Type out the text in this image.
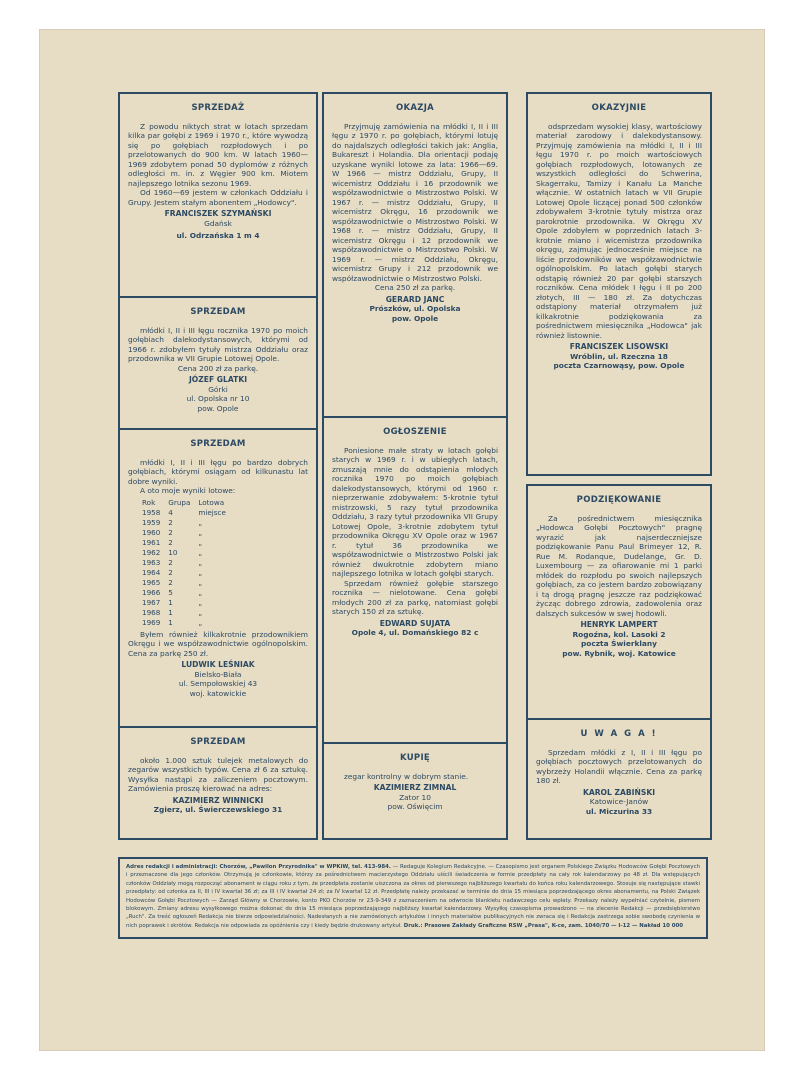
SPRZEDAŻ
Z powodu niktych strat w lotach sprzedam kilka par gołębi z 1969 i 1970 r., które wywodzą się po gołębiach rozpłodowych i po przelotowanych do 900 km. W latach 1960—1969 zdobytem ponad 50 dyplomów z różnych odległości m. in. z Węgier 900 km. Miotem najlepszego lotnika sezonu 1969.
Od 1960—69 jestem w członkach Oddziału i Grupy. Jestem stałym abonentem „Hodowcy".
FRANCISZEK SZYMAŃSKI
Gdańsk
ul. Odrzańska 1 m 4
SPRZEDAM
młódki I, II i III łęgu rocznika 1970 po moich gołębiach dalekodystansowych, którymi od 1966 r. zdobyłem tytuły mistrza Oddziału oraz przodownika w VII Grupie Lotowej Opole.
Cena 200 zł za parkę.
JÓZEF GLATKI
Górki
ul. Opolska nr 10
pow. Opole
SPRZEDAM
młódki I, II i III łęgu po bardzo dobrych gołębiach, którymi osiągam od kilkunastu lat dobre wyniki.
A oto moje wyniki lotowe:
Rok	Grupa	Lotowa
1958	4	miejsce
1959	2	„
1960	2	„
1961	2	„
1962	10	„
1963	2	„
1964	2	„
1965	2	„
1966	5	„
1967	1	„
1968	1	„
1969	1	„
Byłem również kilkakrotnie przodownikiem Okręgu i we współzawodnictwie ogólnopolskim. Cena za parkę 250 zł.
LUDWIK LEŚNIAK
Bielsko-Biała
ul. Sempołowskiej 43
woj. katowickie
SPRZEDAM
około 1.000 sztuk tulejek metalowych do zegarów wszystkich typów. Cena zł 6 za sztukę. Wysyłka nastąpi za zaliczeniem pocztowym. Zamówienia proszę kierować na adres:
KAZIMIERZ WINNICKI
Zgierz, ul. Świerczewskiego 31
OKAZJA
Przyjmuję zamówienia na młódki I, II i III łęgu z 1970 r. po gołębiach, którymi lotuję do najdalszych odległości takich jak: Anglia, Bukareszt i Holandia. Dla orientacji podaję uzyskane wyniki lotowe za lata: 1966—69. W 1966 — mistrz Oddziału, Grupy, II wicemistrz Oddziału i 16 przodownik we współzawodnictwie o Mistrzostwo Polski. W 1967 r. — mistrz Oddziału, Grupy, II wicemistrz Okręgu, 16 przodownik we współzawodnictwie o Mistrzostwo Polski. W 1968 r. — mistrz Oddziału, Grupy, II wicemistrz Okręgu i 12 przodownik we współzawodnictwie o Mistrzostwo Polski. W 1969 r. — mistrz Oddziału, Okręgu, wicemistrz Grupy i 212 przodownik we współzawodnictwie o Mistrzostwo Polski.
Cena 250 zł za parkę.
GERARD JANC
Prószków, ul. Opolska
pow. Opole
OGŁOSZENIE
Poniesione małe straty w lotach gołębi starych w 1969 r. i w ubiegłych latach, zmuszają mnie do odstąpienia młodych rocznika 1970 po moich gołębiach dalekodystansowych, którymi od 1960 r. nieprzerwanie zdobywałem: 5-krotnie tytuł mistrzowski, 5 razy tytuł przodownika Oddziału, 3 razy tytuł przodownika VII Grupy Lotowej Opole, 3-krotnie zdobytem tytuł przodownika Okręgu XV Opole oraz w 1967 r. tytuł 36 przodownika we współzawodnictwie o Mistrzostwo Polski jak również dwukrotnie zdobytem miano najlepszego lotnika w lotach gołębi starych.
Sprzedam również gołębie starszego rocznika — nielotowane. Cena gołębi młodych 200 zł za parkę, natomiast gołębi starych 150 zł za sztukę.
EDWARD SUJATA
Opole 4, ul. Domańskiego 82 c
KUPIĘ
zegar kontrolny w dobrym stanie.
KAZIMIERZ ZIMNAL
Zator 10
pow. Oświęcim
OKAZYJNIE
odsprzedam wysokiej klasy, wartościowy materiał zarodowy i dalekodystansowy. Przyjmuję zamówienia na młódki I, II i III łęgu 1970 r. po moich wartościowych gołębiach rozpłodowych, lotowanych ze wszystkich odległości do Schwerina, Skagerraku, Tamizy i Kanału La Manche włącznie. W ostatnich latach w VII Grupie Lotowej Opole liczącej ponad 500 członków zdobywałem 3-krotnie tytuły mistrza oraz parokrotnie przodownika. W Okręgu XV Opole zdobyłem w poprzednich latach 3-krotnie miano i wicemistrza przodownika okręgu, zajmując jednocześnie miejsce na liście przodowników we współzawodnictwie ogólnopolskim. Po latach gołębi starych odstąpię również 20 par gołębi starszych roczników. Cena młódek I łęgu i II po 200 złotych, III — 180 zł. Za dotychczas odstąpiony materiał otrzymałem już kilkakrotnie podziękowania za pośrednictwem miesięcznika „Hodowca" jak również listownie.
FRANCISZEK LISOWSKI
Wróblin, ul. Rzeczna 18
poczta Czarnowąsy, pow. Opole
PODZIĘKOWANIE
Za pośrednictwem miesięcznika „Hodowca Gołębi Pocztowych" pragnę wyrazić jak najserdeczniejsze podziękowanie Panu Paul Brimeyer 12, R. Rue M. Rodanque, Dudelange, Gr. D. Luxembourg — za ofiarowanie mi 1 parki młódek do rozpłodu po swoich najlepszych gołębiach, za co jestem bardzo zobowiązany i tą drogą pragnę jeszcze raz podziękować życząc dobrego zdrowia, zadowolenia oraz dalszych sukcesów w swej hodowli.
HENRYK LAMPERT
Rogoźna, kol. Lasoki 2
poczta Świerklany
pow. Rybnik, woj. Katowice
U W A G A !
Sprzedam młódki z I, II i III łęgu po gołębiach pocztowych przelotowanych do wybrzeży Holandii włącznie. Cena za parkę 180 zł.
KAROL ZABIŃSKI
Katowice-Janów
ul. Miczurina 33
Adres redakcji i administracji: Chorzów, „Pawilon Przyrodnika" w WPKiW, tel. 413-984. — Redaguje Kolegium Redakcyjne. — Czasopismo jest organem Polskiego Związku Hodowców Gołębi Pocztowych i przeznaczone dla jego członków. Otrzymują je członkowie, którzy za pośrednictwem macierzystego Oddziału uiścili świadczenia w formie przedpłaty na cały rok kalendarzowy po 48 zł. Dla wstępujących członków Oddziały mogą rozpocząć abonament w ciągu roku z tym, że przedpłata zostanie uiszczona za okres od pierwszego najbliższego kwartału do końca roku kalendarzowego. Stosuje się następujące stawki przedpłaty: od członka za II, III i IV kwartał 36 zł; za III i IV kwartał 24 zł; za IV kwartał 12 zł. Przedpłatę należy przekazać w terminie do dnia 15 miesiąca poprzedzającego okres abonamentu, na Polski Związek Hodowców Gołębi Pocztowych — Zarząd Główny w Chorzowie, konto PKO Chorzów nr 23-9-349 z zaznaczeniem na odwrocie blankietu nadawczego celu wpłaty. Przekazy należy wypełniać czytelnie, pismem blokowym. Zmiany adresu wysyłkowego można dokonać do dnia 15 miesiąca poprzedzającego najbliższy kwartał kalendarzowy. Wysyłkę czasopisma prowadzono — na zlecenie Redakcji — przedsiębiorstwo „Ruch". Za treść ogłoszeń Redakcja nie bierze odpowiedzialności. Nadesłanych a nie zamówionych artykułów i innych materiałów publikacyjnych nie zwraca się i Redakcja zastrzega sobie swobodę czynienia w nich poprawek i skrótów. Redakcja nie odpowiada za opóźnienia czy i kiedy będzie drukowany artykuł. Druk.: Prasowe Zakłady Graficzne RSW „Prasa", K-ce, zam. 1040/70 — I-12 — Nakład 10 000
